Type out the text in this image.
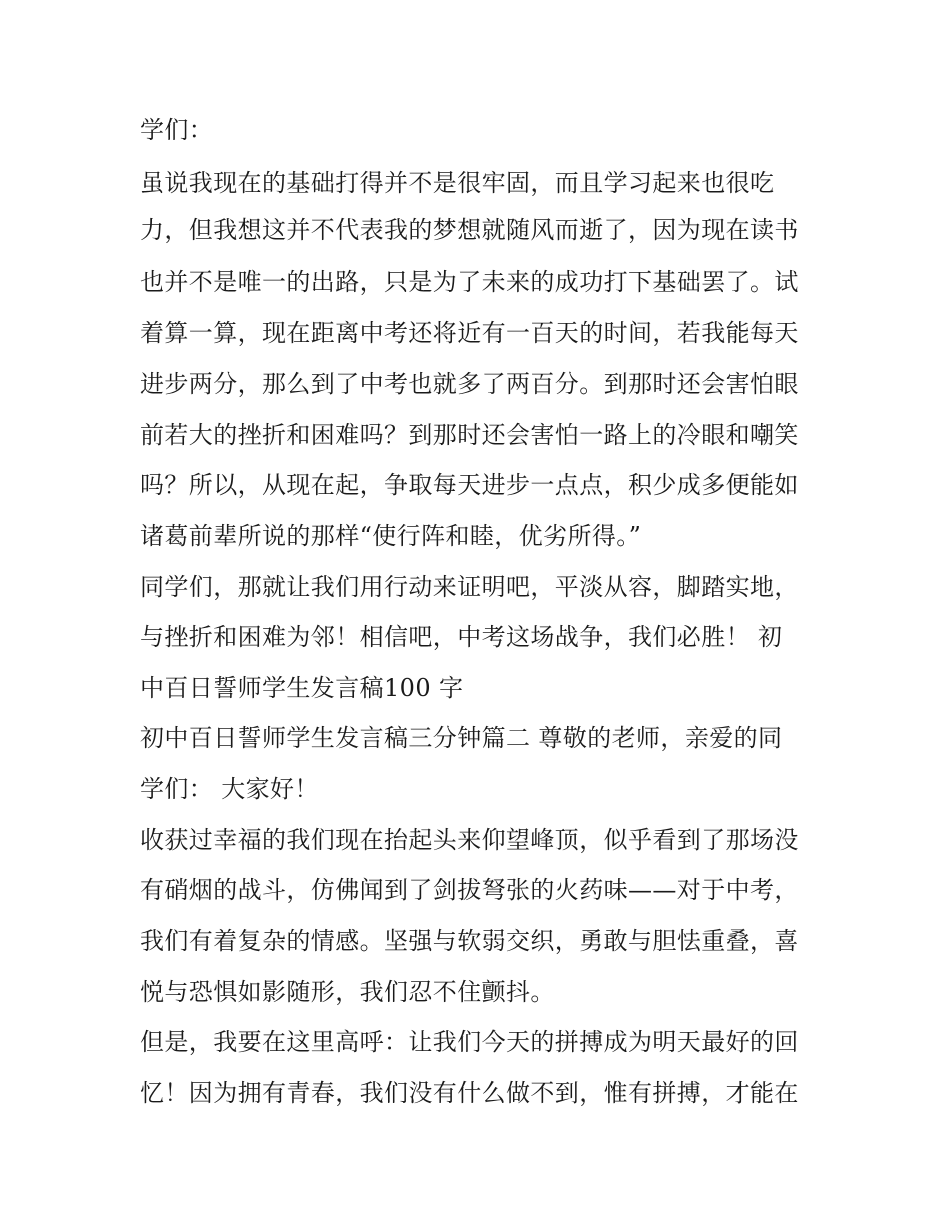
学们：
虽说我现在的基础打得并不是很牢固，而且学习起来也很吃
力，但我想这并不代表我的梦想就随风而逝了，因为现在读书
也并不是唯一的出路，只是为了未来的成功打下基础罢了。试
着算一算，现在距离中考还将近有一百天的时间，若我能每天
进步两分，那么到了中考也就多了两百分。到那时还会害怕眼
前若大的挫折和困难吗？到那时还会害怕一路上的冷眼和嘲笑
吗？所以，从现在起，争取每天进步一点点，积少成多便能如
诸葛前辈所说的那样“使行阵和睦，优劣所得。”
同学们，那就让我们用行动来证明吧，平淡从容，脚踏实地，
与挫折和困难为邻！相信吧，中考这场战争，我们必胜！ 初
中百日誓师学生发言稿100 字
初中百日誓师学生发言稿三分钟篇二 尊敬的老师，亲爱的同
学们： 大家好！
收获过幸福的我们现在抬起头来仰望峰顶，似乎看到了那场没
有硝烟的战斗，仿佛闻到了剑拔弩张的火药味——对于中考，
我们有着复杂的情感。坚强与软弱交织，勇敢与胆怯重叠，喜
悦与恐惧如影随形，我们忍不住颤抖。
但是，我要在这里高呼：让我们今天的拼搏成为明天最好的回
忆！因为拥有青春，我们没有什么做不到，惟有拼搏，才能在
